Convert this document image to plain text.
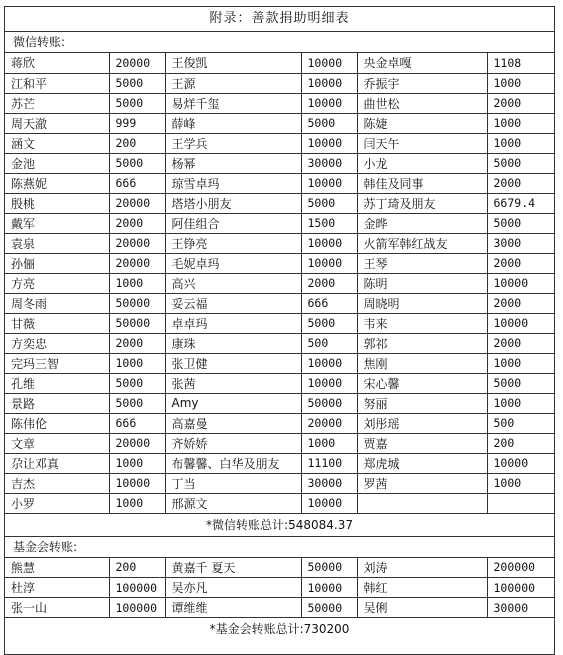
附录：善款捐助明细表
微信转账:
蒋欣	20000	王俊凯	10000	央金卓嘎	1108
江和平	5000	王源	10000	乔振宇	1000
苏芒	5000	易烊千玺	10000	曲世松	2000
周天澈	999	薛峰	5000	陈婕	1000
涵文	200	王学兵	10000	闫天午	1000
金池	5000	杨幂	30000	小龙	5000
陈燕妮	666	琼雪卓玛	10000	韩佳及同事	2000
殷桃	20000	塔塔小朋友	5000	苏丁琦及朋友	6679.4
戴军	2000	阿佳组合	1500	金晔	5000
袁泉	20000	王铮亮	10000	火箭军韩红战友	3000
孙俪	20000	毛妮卓玛	10000	王琴	2000
方亮	1000	高兴	2000	陈明	10000
周冬雨	50000	妥云福	666	周晓明	2000
甘薇	50000	卓卓玛	5000	韦来	10000
方奕忠	2000	康珠	500	郭祁	2000
完玛三智	1000	张卫健	10000	焦刚	1000
孔维	5000	张茜	10000	宋心馨	5000
景路	5000	Amy	50000	努丽	1000
陈伟伦	666	高嘉曼	20000	刘彤瑶	500
文章	20000	齐娇娇	1000	贾嘉	200
尕让邓真	1000	布馨馨、白华及朋友	11100	郑虎城	10000
吉杰	10000	丁当	30000	罗茜	1000
小罗	1000	邢源文	10000		
*微信转账总计:548084.37
基金会转账:
熊慧	200	黄嘉千 夏天	50000	刘涛	200000
杜淳	100000	吴亦凡	10000	韩红	100000
张一山	100000	谭维维	50000	吴俐	30000
*基金会转账总计:730200
